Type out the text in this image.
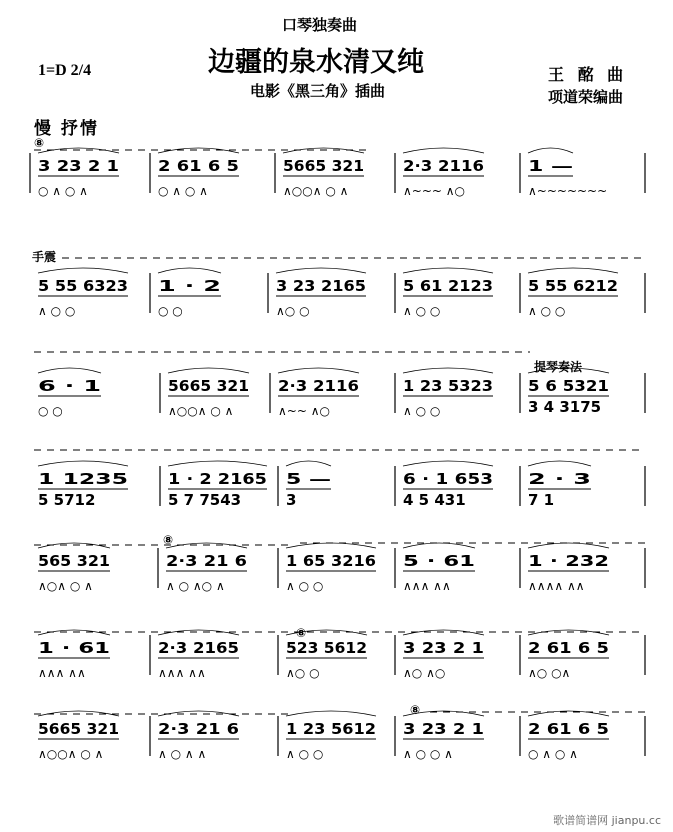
口琴独奏曲
边疆的泉水清又纯
电影《黑三角》插曲
1=D 2/4	王 酩 曲
项道荣编曲
慢 抒情
⑧
手震
提琴奏法
⑧
⑧
⑧
3 23 2 1
○ ∧ ○ ∧
2 61 6 5
○ ∧ ○ ∧
5665 321
∧○○∧ ○ ∧
2·3 2116
∧~~~ ∧○
1 —
∧~~~~~~~
5 55 6323
∧ ○ ○
1 · 2
○ ○
3 23 2165
∧○ ○
5 61 2123
∧ ○ ○
5 55 6212
∧ ○ ○
6 · 1
○ ○
5665 321
∧○○∧ ○ ∧
2·3 2116
∧~~ ∧○
1 23 5323
∧ ○ ○
5 6 5321
3 4 3175
1 1235
5 5712
1 · 2 2165
5 7 7543
5 —
3
6 · 1 653
4 5 431
2 · 3
7 1
565 321
∧○∧ ○ ∧
2·3 21 6
∧ ○ ∧○ ∧
1 65 3216
∧ ○ ○
5 · 61
∧∧∧ ∧∧
1 · 232
∧∧∧∧ ∧∧
1 · 61
∧∧∧ ∧∧
2·3 2165
∧∧∧ ∧∧
523 5612
∧○ ○
3 23 2 1
∧○ ∧○
2 61 6 5
∧○ ○∧
5665 321
∧○○∧ ○ ∧
2·3 21 6
∧ ○ ∧ ∧
1 23 5612
∧ ○ ○
3 23 2 1
∧ ○ ○ ∧
2 61 6 5
○ ∧ ○ ∧
歌谱简谱网 jianpu.cc
